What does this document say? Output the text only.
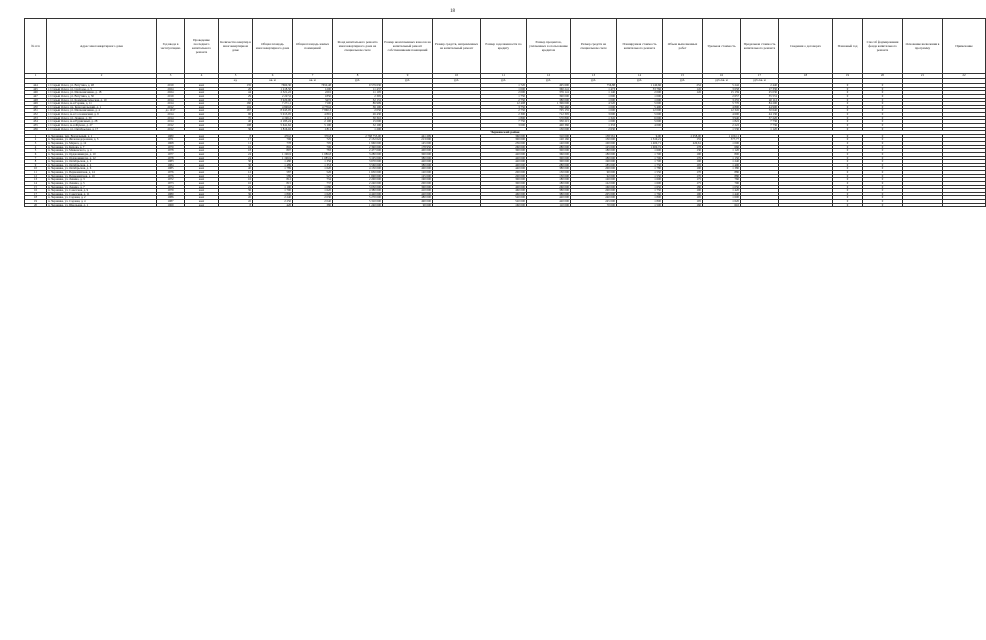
18
№ п/п	Адрес многоквартирного дома	Год ввода в эксплуатацию	Проведение последнего капитального ремонта	Количество квартир в многоквартирном доме	Общая площадь многоквартирного дома	Общая площадь жилых помещений	Фонд капитального ремонта многоквартирного дома на специальном счете	Размер неоплаченных взносов на капитальный ремонт собственниками помещений	Размер средств, направленных на капитальный ремонт	Размер задолженности по кредиту	Размер процентов, уплаченных за пользование кредитом	Размер средств на специальном счете	Планируемая стоимость капитального ремонта	Объем выполненных работ	Удельная стоимость	Предельная стоимость капитального ремонта	Сведения о договорах	Плановый год	Способ формирования фонда капитального ремонта	Основание включения в программу	Примечание
1	2	3	4	5	6	7	8	9	10	11	12	13	14	15	16	17	18	19	20	21	22
				ед.	кв. м	кв. м	руб.	руб.	руб.	руб.	руб.	руб.	руб.	руб.	руб./кв. м	руб./кв. м					
444	г. Старый Оскол, ул. Ватутина, д. 48	2019	жил	135	7660,30	7650,48	9 579 630			1 720	495 690	756,88	1 140,66	252	5 242	2 440		0	0		
445	г. Старый Оскол, ул. Свободы, д. 5	2024	жил	20	1 218,50	1200	11 437			1 000	360 241	1 473	33 766	145	3 658	17 330		0	0		
446	г. Старый Оскол, ул. Шелковичнина, д. 18	2024	жил	44	2 321,22	2291	11 105			2 000	376 141	1 140	2 000	145	15 159	25 030		0	0		
447	г. Старый Оскол, ул. Ватутина, д. 30	2019	жил	29	2 227,6	1850	2 395			1 750	390 000	1 000	1 000		2 657	35 531		0	0		
448	г. Старый Оскол, ул. Коммунистическая, д. 10	2014	жил	72	3 920,00	3472	32 131			2 750	380 000	1 000	1 000		3 255	40 112		0	0		
449	г. Старый Оскол, м-н Горняк, д. 11	2014	жил	160	7 271,1	7100	86 999			12 408	1 396 000	4 520	5 000		5 770	84 200		0	0		
450	г. Старый Оскол, пр. Комсомольский, д. 1	2012	жил	104	4 849,8	4 776,6	36 100			3 750	760 460	1 000	5 400		4 800	44 900		0	0		
451	г. Старый Оскол, ул. Шелковичнина, д. 4	до 1917	жил	167	8 045,05	7 860,3	2 050			2 750	705 155	1 000	12 000		12 345	50 640		0	0		
452	г. Старый Оскол, м-н Соломенский, д. 9	2014	жил	96	5 013,05	4 891	26 430			2 300	712 305	3 000	5 000		4 600	44 130		0	0		
453	г. Старый Оскол, ул. Ленина, д. 30	2014	жил	70	4 196,2	4 115	30 310			1 800	570 800	1 345	6 000		3 940	37 220		0	0		
454	г. Старый Оскол, м-н Рудничный, д. 28	2014	жил	40	2 183,24	2 100	15 000			7 750	330 215	1 000	5 000		1 822	7 736		0	0		
455	г. Старый Оскол, м-н Жукова, д. 27	2012	жил	108	5 641,62	5 100	32 100			3 000	400 360	1 333	4 000		2 222	7 736		0	0		
456	г. Старый Оскол, ул. Октябрьская, д. 17	2012	жил	36	1 816,02	1 811	1 200				130 000	2 630			1 530	1 120		0	0		
Чернянский район																					
1	п. Чернянка, пер. Вокзальный, д. 1	1980	жил	8	476,0	376,8	2 768 755,00	441 299		360 000	310 000	158 561	9,00	2 058,00	1 100,11			0	0		
2	п. Чернянка, ул. Железнодорожная, д. 3	1971	жил	17	796	725	2 152 022	213 090		300 000	120 160	130 000	1 510,21	155	577,77			0	0		
3	п. Чернянка, ул. Маркса, д. 12	1968	жил	11	778	705	1 960 000	145 000		256 000	140 000	100 000	1 400,71	220,61	1 000			0	0		
4	п. Чернянка, ул. Кирова, д. 7	1970	жил	16	802	706	2 390 000	178 950		260 000	280 000	125 000	1 000,72	178	660			0	0		
5	п. Чернянка, ул. Маяковского, д. 4	1978	жил	18	897	783	2 477 000	400 000		300 000	300 000	180 000	1 600	130	1 120			0	0		
6	п. Чернянка, ул. Орджоникидзе, д. 10	1977	жил	24	1 196,9	1 086,8	3 280 000	300 000		420 000	360 000	180 000	1 700	190	800			0	0		
7	п. Чернянка, ул. Орджоникидзе, д. 12	1978	жил	24	1 196,9	1 085,9	3 105 000	380 000		420 000	300 000	180 000	1 700	170	1 150			0	0		
8	п. Чернянка, ул. Октябрьская, д. 2	1983	жил	30	1 480	1 356	3 670 000	420 000		420 000	300 000	190 000	1 700	190	1 240			0	0		
9	п. Чернянка, ул. Октябрьская, д. 4	1984	жил	30	1 489	1 353	3 560 000	380 000		400 000	280 000	185 000	1 750	195	1 400			0	0		
10	п. Чернянка, ул. Октябрьская, д. 6	1985	жил	40	1 789	1 620	4 150 000	400 000		440 000	380 000	200 000	1 780	190	1 380			0	0		
11	п. Чернянка, ул. Первомайская, д. 14	1976	жил	12	587	526	1 650 000	120 000		200 000	150 000	90 000	1 550	170	880			0	0		
12	п. Чернянка, ул. Первомайская, д. 16	1976	жил	12	589	527	1 690 000	125 000		200 000	150 000	92 000	1 550	170	880			0	0		
13	п. Чернянка, ул. Ленина, д. 3	1972	жил	16	812	734	2 200 000	190 000		300 000	180 000	120 000	1 600	175	760			0	0		
14	п. Чернянка, ул. Ленина, д. 5	1973	жил	16	815	737	2 240 000	200 000		300 000	180 000	122 000	1 600	175	790			0	0		
15	п. Чернянка, ул. Ленина, д. 7	1974	жил	24	1 190	1 080	3 050 000	300 000		400 000	260 000	160 000	1 650	180	1 050			0	0		
16	п. Чернянка, ул. Советская, д. 9	1979	жил	36	1 790	1 620	4 380 000	410 000		460 000	380 000	200 000	1 750	190	1 420			0	0		
17	п. Чернянка, ул. Советская, д. 11	1980	жил	36	1 800	1 628	4 420 000	420 000		460 000	380 000	205 000	1 760	190	1 440			0	0		
18	п. Чернянка, ул. Садовая, д. 2	1986	жил	45	2 240	2 030	5 270 000	480 000		520 000	420 000	240 000	1 800	195	1 600			0	0		
19	п. Чернянка, ул. Садовая, д. 4	1987	жил	45	2 250	2 040	5 310 000	490 000		520 000	420 000	245 000	1 800	195	1 620			0	0		
20	п. Чернянка, ул. Школьная, д. 1	1969	жил	8	420	380	1 240 000	90 000		160 000	110 000	70 000	1 500	160	610			0	0		
